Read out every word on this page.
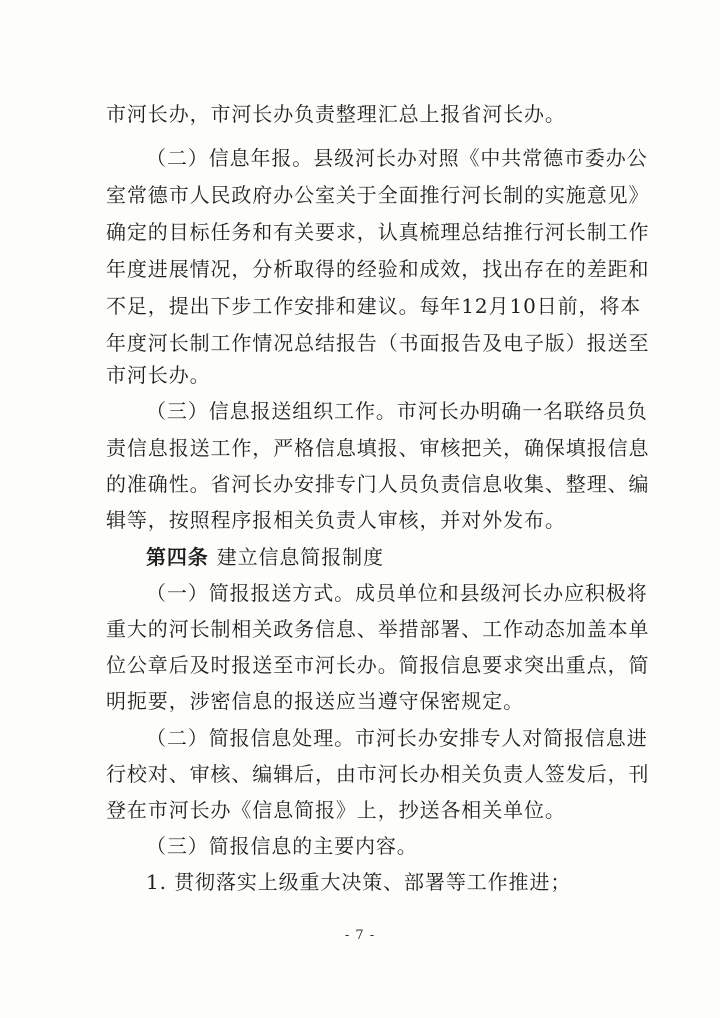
市河长办，市河长办负责整理汇总上报省河长办。
（二）信息年报。县级河长办对照《中共常德市委办公
室常德市人民政府办公室关于全面推行河长制的实施意见》
确定的目标任务和有关要求，认真梳理总结推行河长制工作
年度进展情况，分析取得的经验和成效，找出存在的差距和
不足，提出下步工作安排和建议。每年12月10日前，将本
年度河长制工作情况总结报告（书面报告及电子版）报送至
市河长办。
（三）信息报送组织工作。市河长办明确一名联络员负
责信息报送工作，严格信息填报、审核把关，确保填报信息
的准确性。省河长办安排专门人员负责信息收集、整理、编
辑等，按照程序报相关负责人审核，并对外发布。
第四条 建立信息简报制度
（一）简报报送方式。成员单位和县级河长办应积极将
重大的河长制相关政务信息、举措部署、工作动态加盖本单
位公章后及时报送至市河长办。简报信息要求突出重点，简
明扼要，涉密信息的报送应当遵守保密规定。
（二）简报信息处理。市河长办安排专人对简报信息进
行校对、审核、编辑后，由市河长办相关负责人签发后，刊
登在市河长办《信息简报》上，抄送各相关单位。
（三）简报信息的主要内容。
1. 贯彻落实上级重大决策、部署等工作推进；
- 7 -
